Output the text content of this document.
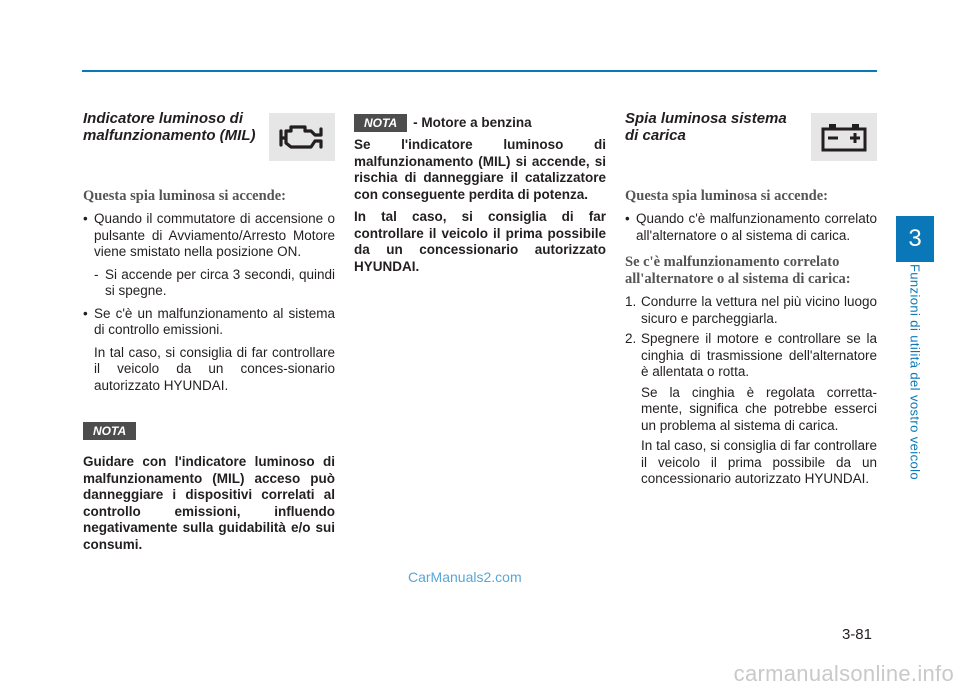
3
Funzioni di utilità del vostro veicolo
Indicatore luminoso di malfunzionamento (MIL)

Questa spia luminosa si accende:

• Quando il commutatore di accensione o pulsante di Avviamento/Arresto Motore viene smistato nella posizione ON.
- Si accende per circa 3 secondi, quindi si spegne.
• Se c'è un malfunzionamento al sistema di controllo emissioni.

In tal caso, si consiglia di far controllare il veicolo da un conces-sionario autorizzato HYUNDAI.

NOTA

Guidare con l'indicatore luminoso di malfunzionamento (MIL) acceso può danneggiare i dispositivi correlati al controllo emissioni, influendo negativamente sulla guidabilità e/o sui consumi.

NOTA	- Motore a benzina

Se l'indicatore luminoso di malfunzionamento (MIL) si accende, si rischia di danneggiare il catalizzatore con conseguente perdita di potenza.

In tal caso, si consiglia di far controllare il veicolo il prima possibile da un concessionario autorizzato HYUNDAI.

Spia luminosa sistema di carica

Questa spia luminosa si accende:

• Quando c'è malfunzionamento correlato all'alternatore o al sistema di carica.

Se c'è malfunzionamento correlato all'alternatore o al sistema di carica:

1. Condurre la vettura nel più vicino luogo sicuro e parcheggiarla.
2. Spegnere il motore e controllare se la cinghia di trasmissione dell'alternatore è allentata o rotta.

Se la cinghia è regolata corretta-mente, significa che potrebbe esserci un problema al sistema di carica.

In tal caso, si consiglia di far controllare il veicolo il prima possibile da un concessionario autorizzato HYUNDAI.

CarManuals2.com
3-81
carmanualsonline.info
